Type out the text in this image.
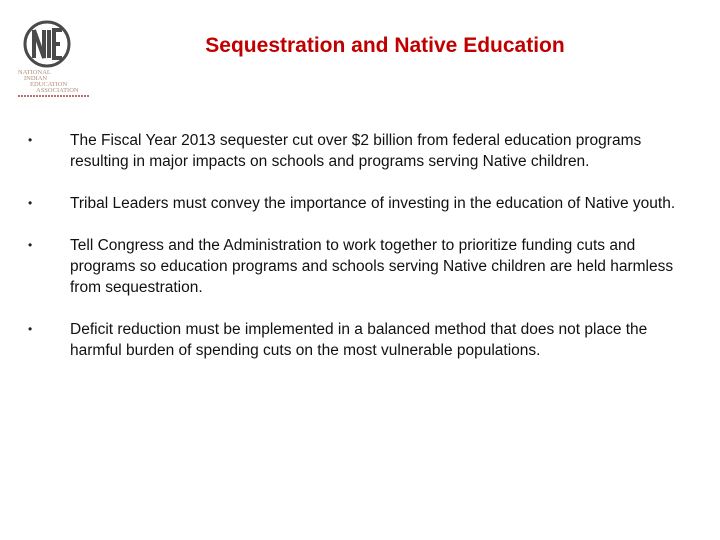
NATIONAL
INDIAN
EDUCATION
ASSOCIATION
Sequestration and Native Education
• The Fiscal Year 2013 sequester cut over $2 billion from federal education programs resulting in major impacts on schools and programs serving Native children.
• Tribal Leaders must convey the importance of investing in the education of Native youth.
• Tell Congress and the Administration to work together to prioritize funding cuts and programs so education programs and schools serving Native children are held harmless from sequestration.
• Deficit reduction must be implemented in a balanced method that does not place the harmful burden of spending cuts on the most vulnerable populations.
